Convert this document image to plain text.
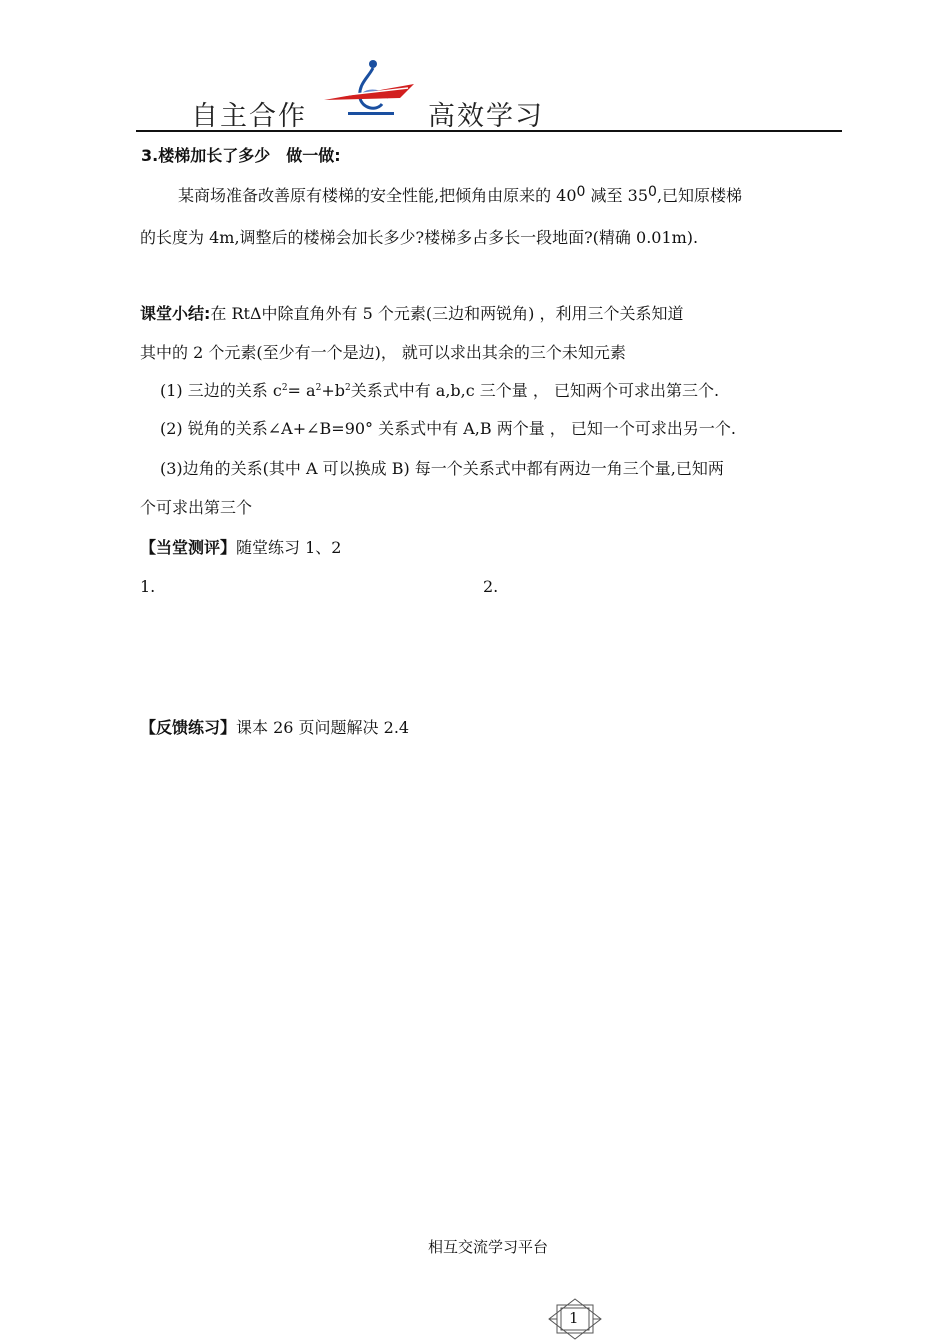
自主合作	高效学习
3.楼梯加长了多少　做一做:
某商场准备改善原有楼梯的安全性能,把倾角由原来的 $40^0$ 减至 $35^0$,已知原楼梯
的长度为 4m,调整后的楼梯会加长多少?楼梯多占多长一段地面?(精确 0.01m).
课堂小结:在 RtΔ中除直角外有 5 个元素(三边和两锐角) ，利用三个关系知道
其中的 2 个元素(至少有一个是边)， 就可以求出其余的三个未知元素
(1) 三边的关系 $c^2= a^2+b^2$关系式中有 a,b,c 三个量 ， 已知两个可求出第三个.
(2) 锐角的关系∠A+∠B=90° 关系式中有 A,B 两个量 ， 已知一个可求出另一个.
(3)边角的关系(其中 A 可以换成 B) 每一个关系式中都有两边一角三个量,已知两
个可求出第三个
【当堂测评】随堂练习 1、2
1.	2.
【反馈练习】课本 26 页问题解决 2.4
相互交流学习平台
1
